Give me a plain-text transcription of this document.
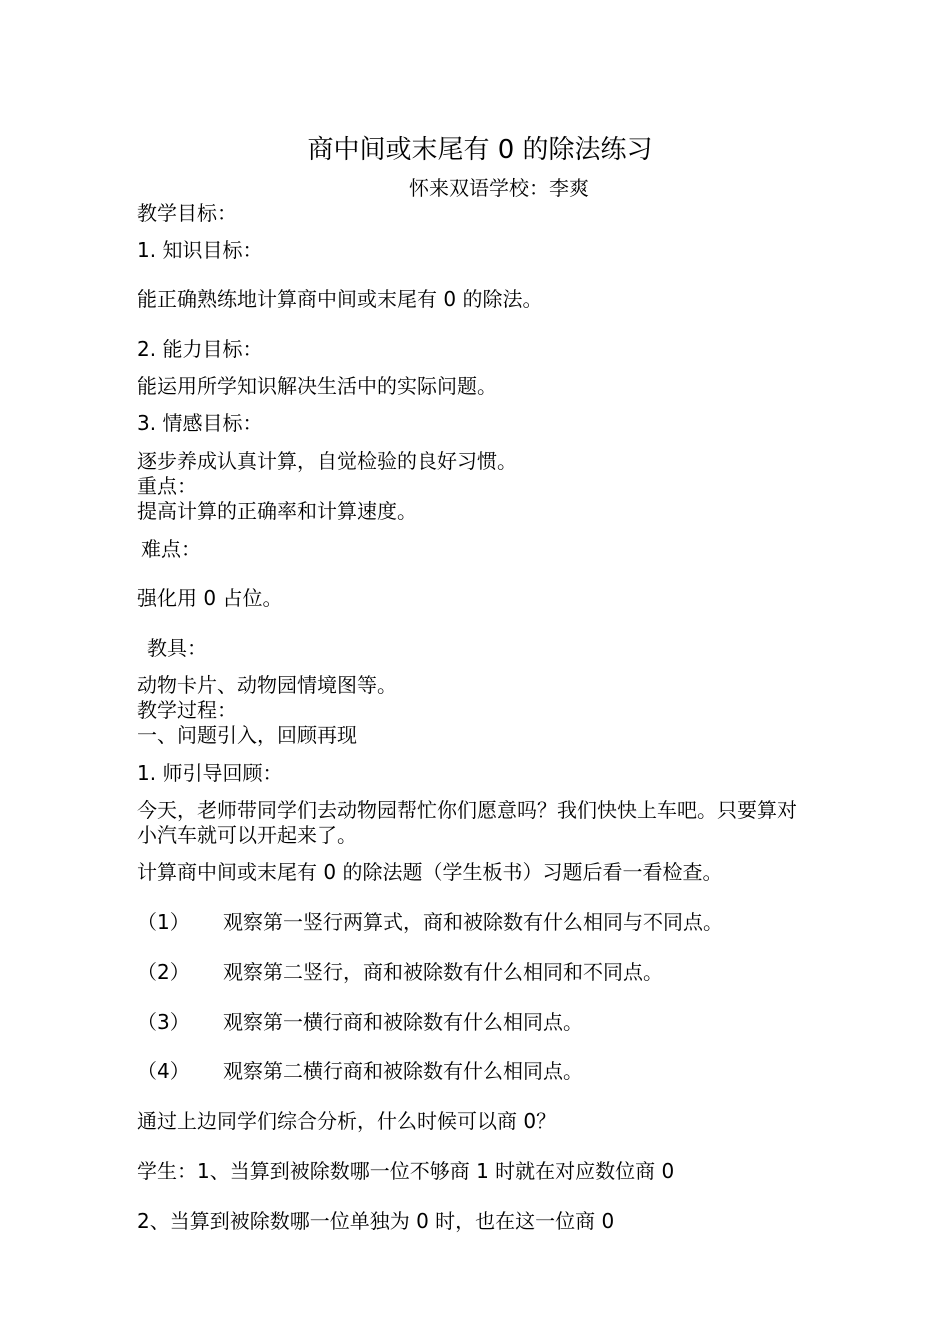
商中间或末尾有 0 的除法练习
怀来双语学校：李爽
教学目标：
1. 知识目标：
能正确熟练地计算商中间或末尾有 0 的除法。
2. 能力目标：
能运用所学知识解决生活中的实际问题。
3. 情感目标：
逐步养成认真计算，自觉检验的良好习惯。
重点：
提高计算的正确率和计算速度。
难点：
强化用 0 占位。
教具：
动物卡片、动物园情境图等。
教学过程：
一、问题引入，回顾再现
1. 师引导回顾：
今天，老师带同学们去动物园帮忙你们愿意吗？我们快快上车吧。只要算对
小汽车就可以开起来了。
计算商中间或末尾有 0 的除法题（学生板书）习题后看一看检查。
（1） 观察第一竖行两算式，商和被除数有什么相同与不同点。
（2） 观察第二竖行，商和被除数有什么相同和不同点。
（3） 观察第一横行商和被除数有什么相同点。
（4） 观察第二横行商和被除数有什么相同点。
通过上边同学们综合分析，什么时候可以商 0？
学生：1、当算到被除数哪一位不够商 1 时就在对应数位商 0
2、当算到被除数哪一位单独为 0 时，也在这一位商 0
